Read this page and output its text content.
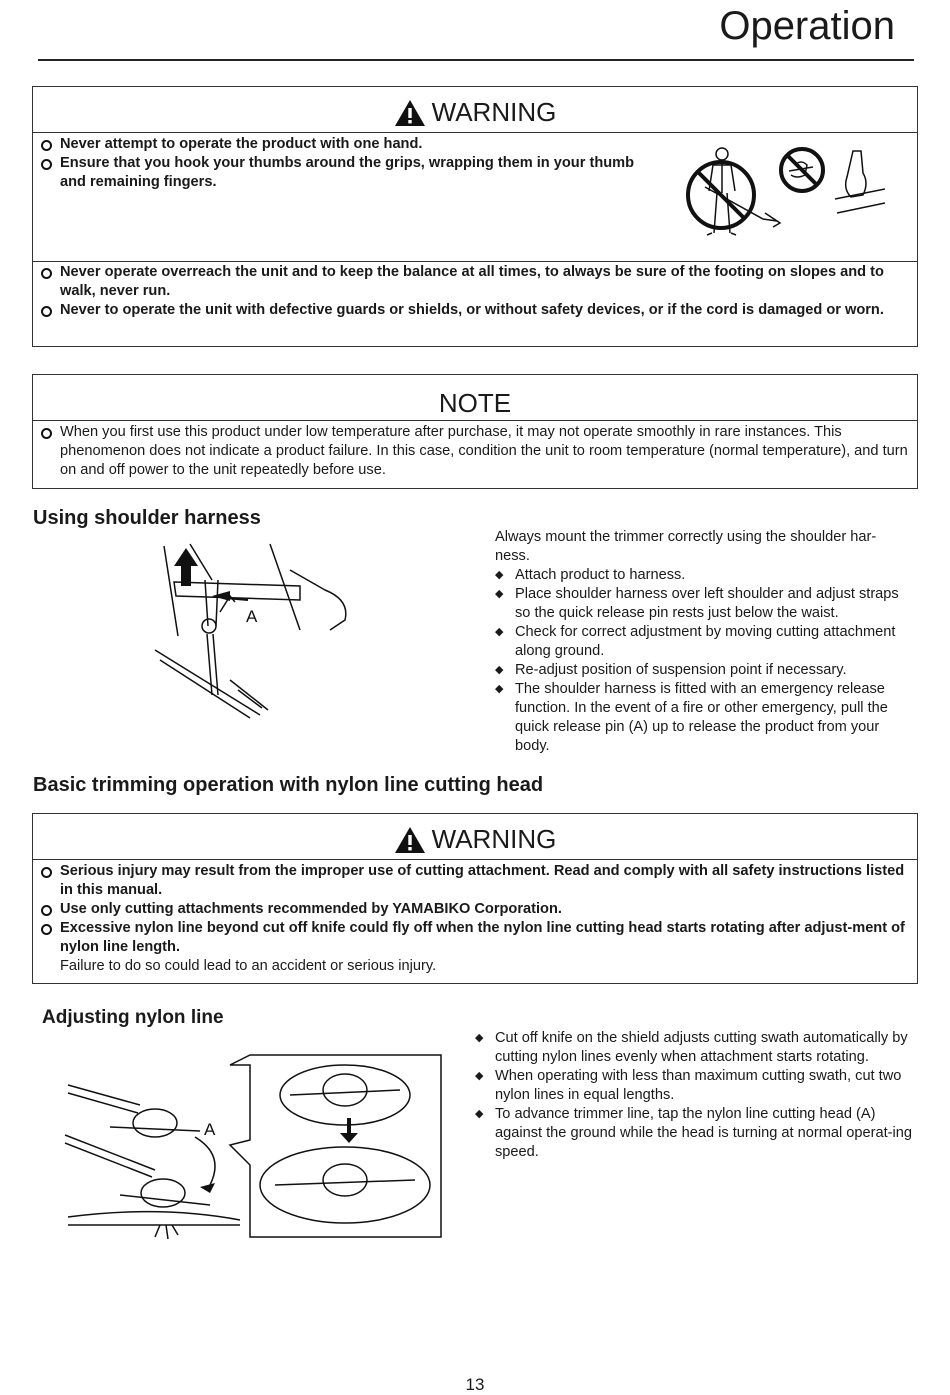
Operation
WARNING
Never attempt to operate the product with one hand.
Ensure that you hook your thumbs around the grips, wrapping them in your thumb and remaining fingers.
Never operate overreach the unit and to keep the balance at all times, to always be sure of the footing on slopes and to walk, never run.
Never to operate the unit with defective guards or shields, or without safety devices, or if the cord is damaged or worn.
NOTE
When you first use this product under low temperature after purchase, it may not operate smoothly in rare instances. This phenomenon does not indicate a product failure. In this case, condition the unit to room temperature (normal temperature), and turn on and off power to the unit repeatedly before use.
Using shoulder harness
A
Always mount the trimmer correctly using the shoulder har-ness.
◆ Attach product to harness.
◆ Place shoulder harness over left shoulder and adjust straps so the quick release pin rests just below the waist.
◆ Check for correct adjustment by moving cutting attachment along ground.
◆ Re-adjust position of suspension point if necessary.
◆ The shoulder harness is fitted with an emergency release function. In the event of a fire or other emergency, pull the quick release pin (A) up to release the product from your body.
Basic trimming operation with nylon line cutting head
WARNING
Serious injury may result from the improper use of cutting attachment. Read and comply with all safety instructions listed in this manual.
Use only cutting attachments recommended by YAMABIKO Corporation.
Excessive nylon line beyond cut off knife could fly off when the nylon line cutting head starts rotating after adjust-ment of nylon line length.
Failure to do so could lead to an accident or serious injury.
Adjusting nylon line
A
◆ Cut off knife on the shield adjusts cutting swath automatically by cutting nylon lines evenly when attachment starts rotating.
◆ When operating with less than maximum cutting swath, cut two nylon lines in equal lengths.
◆ To advance trimmer line, tap the nylon line cutting head (A) against the ground while the head is turning at normal operat-ing speed.
13
